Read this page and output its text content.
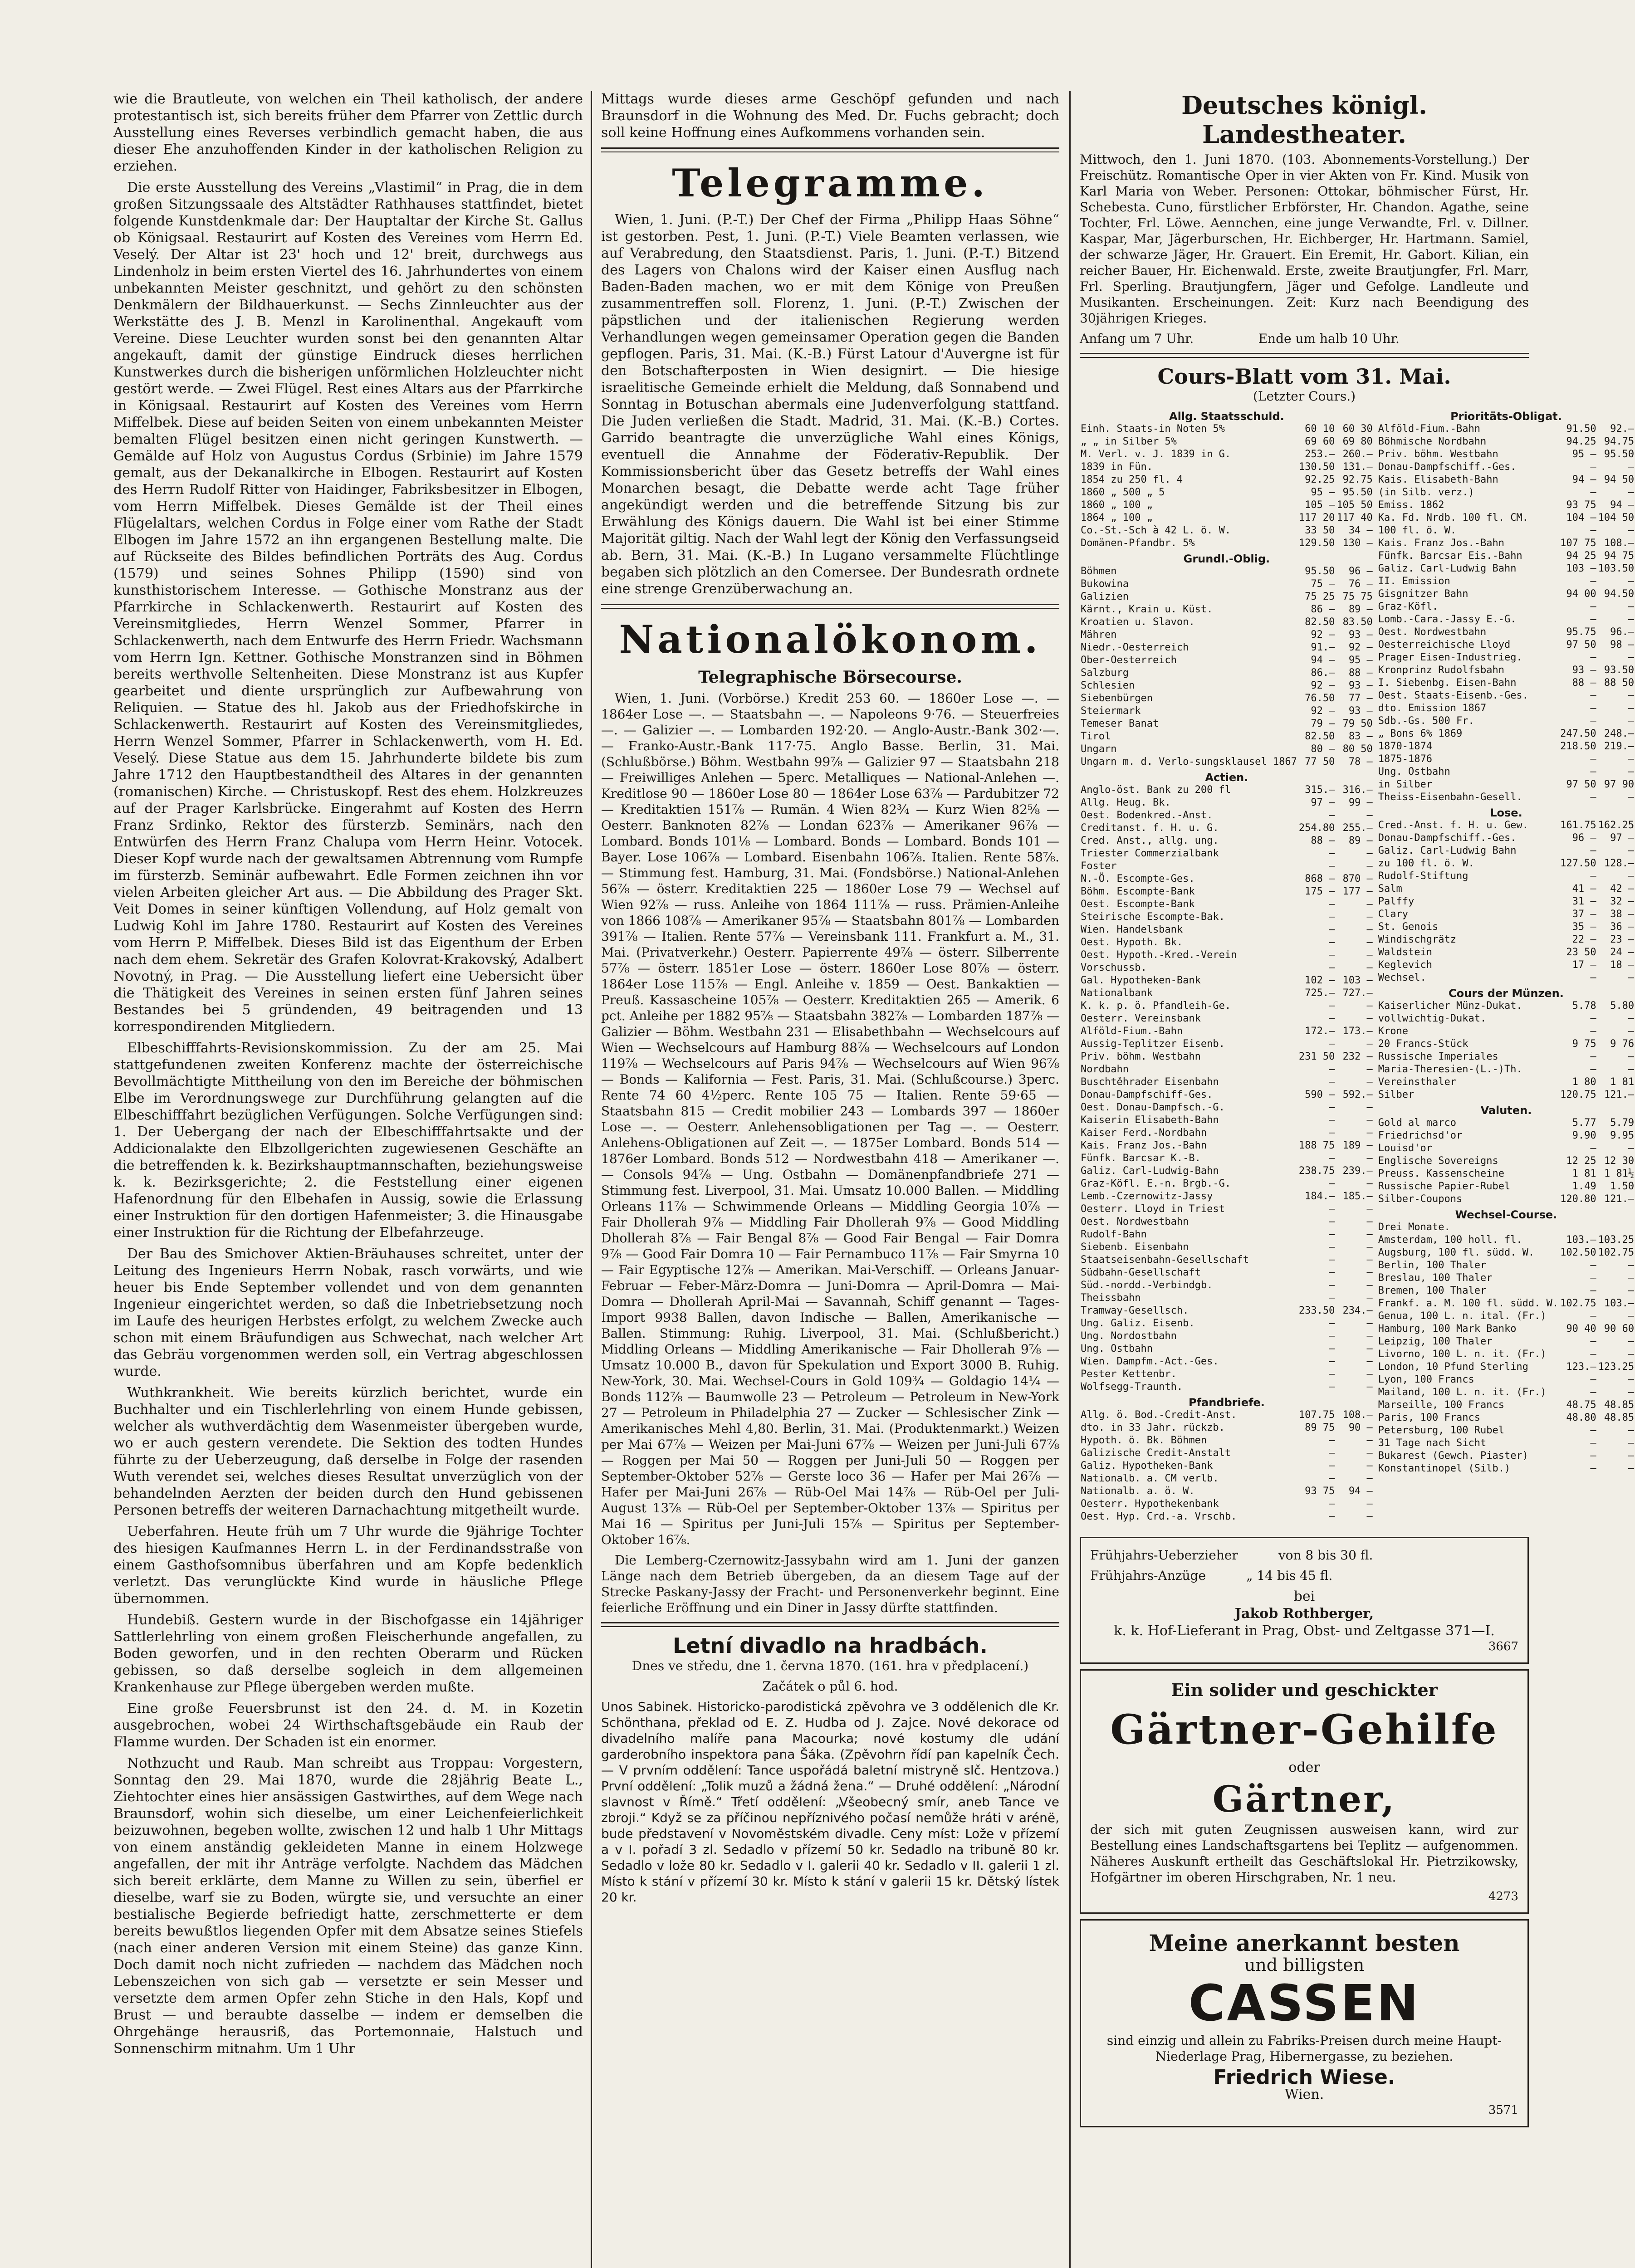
wie die Brautleute, von welchen ein Theil katholisch, der andere protestantisch ist, sich bereits früher dem Pfarrer von Zettlic durch Ausstellung eines Reverses verbindlich gemacht haben, die aus dieser Ehe anzuhoffenden Kinder in der katholischen Religion zu erziehen.

Die erste Ausstellung des Vereins „Vlastimil“ in Prag, die in dem großen Sitzungssaale des Altstädter Rathhauses stattfindet, bietet folgende Kunstdenkmale dar: Der Hauptaltar der Kirche St. Gallus ob Königsaal. Restaurirt auf Kosten des Vereines vom Herrn Ed. Veselý. Der Altar ist 23' hoch und 12' breit, durchwegs aus Lindenholz in beim ersten Viertel des 16. Jahrhundertes von einem unbekannten Meister geschnitzt, und gehört zu den schönsten Denkmälern der Bildhauerkunst. — Sechs Zinnleuchter aus der Werkstätte des J. B. Menzl in Karolinenthal. Angekauft vom Vereine. Diese Leuchter wurden sonst bei den genannten Altar angekauft, damit der günstige Eindruck dieses herrlichen Kunstwerkes durch die bisherigen unförmlichen Holzleuchter nicht gestört werde. — Zwei Flügel. Rest eines Altars aus der Pfarrkirche in Königsaal. Restaurirt auf Kosten des Vereines vom Herrn Miffelbek. Diese auf beiden Seiten von einem unbekannten Meister bemalten Flügel besitzen einen nicht geringen Kunstwerth. — Gemälde auf Holz von Augustus Cordus (Srbinie) im Jahre 1579 gemalt, aus der Dekanalkirche in Elbogen. Restaurirt auf Kosten des Herrn Rudolf Ritter von Haidinger, Fabriksbesitzer in Elbogen, vom Herrn Miffelbek. Dieses Gemälde ist der Theil eines Flügelaltars, welchen Cordus in Folge einer vom Rathe der Stadt Elbogen im Jahre 1572 an ihn ergangenen Bestellung malte. Die auf Rückseite des Bildes befindlichen Porträts des Aug. Cordus (1579) und seines Sohnes Philipp (1590) sind von kunsthistorischem Interesse. — Gothische Monstranz aus der Pfarrkirche in Schlackenwerth. Restaurirt auf Kosten des Vereinsmitgliedes, Herrn Wenzel Sommer, Pfarrer in Schlackenwerth, nach dem Entwurfe des Herrn Friedr. Wachsmann vom Herrn Ign. Kettner. Gothische Monstranzen sind in Böhmen bereits werthvolle Seltenheiten. Diese Monstranz ist aus Kupfer gearbeitet und diente ursprünglich zur Aufbewahrung von Reliquien. — Statue des hl. Jakob aus der Friedhofskirche in Schlackenwerth. Restaurirt auf Kosten des Vereinsmitgliedes, Herrn Wenzel Sommer, Pfarrer in Schlackenwerth, vom H. Ed. Veselý. Diese Statue aus dem 15. Jahrhunderte bildete bis zum Jahre 1712 den Hauptbestandtheil des Altares in der genannten (romanischen) Kirche. — Christuskopf. Rest des ehem. Holzkreuzes auf der Prager Karlsbrücke. Eingerahmt auf Kosten des Herrn Franz Srdinko, Rektor des fürsterzb. Seminärs, nach den Entwürfen des Herrn Franz Chalupa vom Herrn Heinr. Votocek. Dieser Kopf wurde nach der gewaltsamen Abtrennung vom Rumpfe im fürsterzb. Seminär aufbewahrt. Edle Formen zeichnen ihn vor vielen Arbeiten gleicher Art aus. — Die Abbildung des Prager Skt. Veit Domes in seiner künftigen Vollendung, auf Holz gemalt von Ludwig Kohl im Jahre 1780. Restaurirt auf Kosten des Vereines vom Herrn P. Miffelbek. Dieses Bild ist das Eigenthum der Erben nach dem ehem. Sekretär des Grafen Kolovrat-Krakovský, Adalbert Novotný, in Prag. — Die Ausstellung liefert eine Uebersicht über die Thätigkeit des Vereines in seinen ersten fünf Jahren seines Bestandes bei 5 gründenden, 49 beitragenden und 13 korrespondirenden Mitgliedern.

Elbeschifffahrts-Revisionskommission. Zu der am 25. Mai stattgefundenen zweiten Konferenz machte der österreichische Bevollmächtigte Mittheilung von den im Bereiche der böhmischen Elbe im Verordnungswege zur Durchführung gelangten auf die Elbeschifffahrt bezüglichen Verfügungen. Solche Verfügungen sind: 1. Der Uebergang der nach der Elbeschifffahrtsakte und der Addicionalakte den Elbzollgerichten zugewiesenen Geschäfte an die betreffenden k. k. Bezirkshauptmannschaften, beziehungsweise k. k. Bezirksgerichte; 2. die Feststellung einer eigenen Hafenordnung für den Elbehafen in Aussig, sowie die Erlassung einer Instruktion für den dortigen Hafenmeister; 3. die Hinausgabe einer Instruktion für die Richtung der Elbefahrzeuge.

Der Bau des Smichover Aktien-Bräuhauses schreitet, unter der Leitung des Ingenieurs Herrn Nobak, rasch vorwärts, und wie heuer bis Ende September vollendet und von dem genannten Ingenieur eingerichtet werden, so daß die Inbetriebsetzung noch im Laufe des heurigen Herbstes erfolgt, zu welchem Zwecke auch schon mit einem Bräufundigen aus Schwechat, nach welcher Art das Gebräu vorgenommen werden soll, ein Vertrag abgeschlossen wurde.

Wuthkrankheit. Wie bereits kürzlich berichtet, wurde ein Buchhalter und ein Tischlerlehrling von einem Hunde gebissen, welcher als wuthverdächtig dem Wasenmeister übergeben wurde, wo er auch gestern verendete. Die Sektion des todten Hundes führte zu der Ueberzeugung, daß derselbe in Folge der rasenden Wuth verendet sei, welches dieses Resultat unverzüglich von der behandelnden Aerzten der beiden durch den Hund gebissenen Personen betreffs der weiteren Darnachachtung mitgetheilt wurde.

Ueberfahren. Heute früh um 7 Uhr wurde die 9jährige Tochter des hiesigen Kaufmannes Herrn L. in der Ferdinandsstraße von einem Gasthofsomnibus überfahren und am Kopfe bedenklich verletzt. Das verunglückte Kind wurde in häusliche Pflege übernommen.

Hundebiß. Gestern wurde in der Bischofgasse ein 14jähriger Sattlerlehrling von einem großen Fleischerhunde angefallen, zu Boden geworfen, und in den rechten Oberarm und Rücken gebissen, so daß derselbe sogleich in dem allgemeinen Krankenhause zur Pflege übergeben werden mußte.

Eine große Feuersbrunst ist den 24. d. M. in Kozetin ausgebrochen, wobei 24 Wirthschaftsgebäude ein Raub der Flamme wurden. Der Schaden ist ein enormer.

Nothzucht und Raub. Man schreibt aus Troppau: Vorgestern, Sonntag den 29. Mai 1870, wurde die 28jährig Beate L., Ziehtochter eines hier ansässigen Gastwirthes, auf dem Wege nach Braunsdorf, wohin sich dieselbe, um einer Leichenfeierlichkeit beizuwohnen, begeben wollte, zwischen 12 und halb 1 Uhr Mittags von einem anständig gekleideten Manne in einem Holzwege angefallen, der mit ihr Anträge verfolgte. Nachdem das Mädchen sich bereit erklärte, dem Manne zu Willen zu sein, überfiel er dieselbe, warf sie zu Boden, würgte sie, und versuchte an einer bestialische Begierde befriedigt hatte, zerschmetterte er dem bereits bewußtlos liegenden Opfer mit dem Absatze seines Stiefels (nach einer anderen Version mit einem Steine) das ganze Kinn. Doch damit noch nicht zufrieden — nachdem das Mädchen noch Lebenszeichen von sich gab — versetzte er sein Messer und versetzte dem armen Opfer zehn Stiche in den Hals, Kopf und Brust — und beraubte dasselbe — indem er demselben die Ohrgehänge herausriß, das Portemonnaie, Halstuch und Sonnenschirm mitnahm. Um 1 Uhr

Mittags wurde dieses arme Geschöpf gefunden und nach Braunsdorf in die Wohnung des Med. Dr. Fuchs gebracht; doch soll keine Hoffnung eines Aufkommens vorhanden sein.

Telegramme.

Wien, 1. Juni. (P.-T.) Der Chef der Firma „Philipp Haas Söhne“ ist gestorben. Pest, 1. Juni. (P.-T.) Viele Beamten verlassen, wie auf Verabredung, den Staatsdienst. Paris, 1. Juni. (P.-T.) Bitzend des Lagers von Chalons wird der Kaiser einen Ausflug nach Baden-Baden machen, wo er mit dem Könige von Preußen zusammentreffen soll. Florenz, 1. Juni. (P.-T.) Zwischen der päpstlichen und der italienischen Regierung werden Verhandlungen wegen gemeinsamer Operation gegen die Banden gepflogen. Paris, 31. Mai. (K.-B.) Fürst Latour d'Auvergne ist für den Botschafterposten in Wien designirt. — Die hiesige israelitische Gemeinde erhielt die Meldung, daß Sonnabend und Sonntag in Botuschan abermals eine Judenverfolgung stattfand. Die Juden verließen die Stadt. Madrid, 31. Mai. (K.-B.) Cortes. Garrido beantragte die unverzügliche Wahl eines Königs, eventuell die Annahme der Föderativ-Republik. Der Kommissionsbericht über das Gesetz betreffs der Wahl eines Monarchen besagt, die Debatte werde acht Tage früher angekündigt werden und die betreffende Sitzung bis zur Erwählung des Königs dauern. Die Wahl ist bei einer Stimme Majorität giltig. Nach der Wahl legt der König den Verfassungseid ab. Bern, 31. Mai. (K.-B.) In Lugano versammelte Flüchtlinge begaben sich plötzlich an den Comersee. Der Bundesrath ordnete eine strenge Grenzüberwachung an.

Nationalökonom.
Telegraphische Börsecourse.

Wien, 1. Juni. (Vorbörse.) Kredit 253 60. — 1860er Lose —. — 1864er Lose —. — Staatsbahn —. — Napoleons 9·76. — Steuerfreies —. — Galizier —. — Lombarden 192·20. — Anglo-Austr.-Bank 302·—. — Franko-Austr.-Bank 117·75. Anglo Basse. Berlin, 31. Mai. (Schlußbörse.) Böhm. Westbahn 99⅞ — Galizier 97 — Staatsbahn 218 — Freiwilliges Anlehen — 5perc. Metalliques — National-Anlehen —. Kreditlose 90 — 1860er Lose 80 — 1864er Lose 63⅞ — Pardubitzer 72 — Kreditaktien 151⅞ — Rumän. 4 Wien 82¾ — Kurz Wien 82⅝ — Oesterr. Banknoten 82⅞ — Londan 623⅞ — Amerikaner 96⅞ — Lombard. Bonds 101⅛ — Lombard. Bonds — Lombard. Bonds 101 — Bayer. Lose 106⅞ — Lombard. Eisenbahn 106⅞. Italien. Rente 58⅞. — Stimmung fest. Hamburg, 31. Mai. (Fondsbörse.) National-Anlehen 56⅞ — österr. Kreditaktien 225 — 1860er Lose 79 — Wechsel auf Wien 92⅞ — russ. Anleihe von 1864 111⅞ — russ. Prämien-Anleihe von 1866 108⅞ — Amerikaner 95⅞ — Staatsbahn 801⅞ — Lombarden 391⅞ — Italien. Rente 57⅞ — Vereinsbank 111. Frankfurt a. M., 31. Mai. (Privatverkehr.) Oesterr. Papierrente 49⅞ — österr. Silberrente 57⅞ — österr. 1851er Lose — österr. 1860er Lose 80⅞ — österr. 1864er Lose 115⅞ — Engl. Anleihe v. 1859 — Oest. Bankaktien — Preuß. Kassascheine 105⅞ — Oesterr. Kreditaktien 265 — Amerik. 6 pct. Anleihe per 1882 95⅞ — Staatsbahn 382⅞ — Lombarden 187⅞ — Galizier — Böhm. Westbahn 231 — Elisabethbahn — Wechselcours auf Wien — Wechselcours auf Hamburg 88⅞ — Wechselcours auf London 119⅞ — Wechselcours auf Paris 94⅞ — Wechselcours auf Wien 96⅞ — Bonds — Kalifornia — Fest. Paris, 31. Mai. (Schlußcourse.) 3perc. Rente 74 60 4½perc. Rente 105 75 — Italien. Rente 59·65 — Staatsbahn 815 — Credit mobilier 243 — Lombards 397 — 1860er Lose —. — Oesterr. Anlehensobligationen per Tag —. — Oesterr. Anlehens-Obligationen auf Zeit —. — 1875er Lombard. Bonds 514 — 1876er Lombard. Bonds 512 — Nordwestbahn 418 — Amerikaner —. — Consols 94⅞ — Ung. Ostbahn — Domänenpfandbriefe 271 — Stimmung fest. Liverpool, 31. Mai. Umsatz 10.000 Ballen. — Middling Orleans 11⅞ — Schwimmende Orleans — Middling Georgia 10⅞ — Fair Dhollerah 9⅞ — Middling Fair Dhollerah 9⅞ — Good Middling Dhollerah 8⅞ — Fair Bengal 8⅞ — Good Fair Bengal — Fair Domra 9⅞ — Good Fair Domra 10 — Fair Pernambuco 11⅞ — Fair Smyrna 10 — Fair Egyptische 12⅞ — Amerikan. Mai-Verschiff. — Orleans Januar-Februar — Feber-März-Domra — Juni-Domra — April-Domra — Mai-Domra — Dhollerah April-Mai — Savannah, Schiff genannt — Tages-Import 9938 Ballen, davon Indische — Ballen, Amerikanische — Ballen. Stimmung: Ruhig. Liverpool, 31. Mai. (Schlußbericht.) Middling Orleans — Middling Amerikanische — Fair Dhollerah 9⅞ — Umsatz 10.000 B., davon für Spekulation und Export 3000 B. Ruhig. New-York, 30. Mai. Wechsel-Cours in Gold 109¾ — Goldagio 14¼ — Bonds 112⅞ — Baumwolle 23 — Petroleum — Petroleum in New-York 27 — Petroleum in Philadelphia 27 — Zucker — Schlesischer Zink — Amerikanisches Mehl 4,80. Berlin, 31. Mai. (Produktenmarkt.) Weizen per Mai 67⅞ — Weizen per Mai-Juni 67⅞ — Weizen per Juni-Juli 67⅞ — Roggen per Mai 50 — Roggen per Juni-Juli 50 — Roggen per September-Oktober 52⅞ — Gerste loco 36 — Hafer per Mai 26⅞ — Hafer per Mai-Juni 26⅞ — Rüb-Oel Mai 14⅞ — Rüb-Oel per Juli-August 13⅞ — Rüb-Oel per September-Oktober 13⅞ — Spiritus per Mai 16 — Spiritus per Juni-Juli 15⅞ — Spiritus per September-Oktober 16⅞.

Die Lemberg-Czernowitz-Jassybahn wird am 1. Juni der ganzen Länge nach dem Betrieb übergeben, da an diesem Tage auf der Strecke Paskany-Jassy der Fracht- und Personenverkehr beginnt. Eine feierliche Eröffnung und ein Diner in Jassy dürfte stattfinden.

Letní divadlo na hradbách.

Dnes ve středu, dne 1. června 1870. (161. hra v předplacení.)

Začátek o půl 6. hod.

Unos Sabinek. Historicko-parodistická zpěvohra ve 3 oddělenich dle Kr. Schönthana, překlad od E. Z. Hudba od J. Zajce. Nové dekorace od divadelního malíře pana Macourka; nové kostumy dle udání garderobního inspektora pana Šáka. (Zpěvohrn řídí pan kapelník Čech. — V prvním oddělení: Tance uspořádá baletní mistryně slč. Hentzova.) První oddělení: „Tolik muzů a žádná žena.“ — Druhé oddělení: „Národní slavnost v Římě.“ Třetí oddělení: „Všeobecný smír, aneb Tance ve zbroji.“ Když se za příčinou nepříznivého počasí nemůže hráti v arénë, bude představení v Novoměstském divadle. Ceny míst: Lože v přízemí a v I. pořadí 3 zl. Sedadlo v přízemí 50 kr. Sedadlo na tribuně 80 kr. Sedadlo v lože 80 kr. Sedadlo v I. galerii 40 kr. Sedadlo v II. galerii 1 zl. Místo k stání v přízemí 30 kr. Místo k stání v galerii 15 kr. Dětský lístek 20 kr.

Deutsches königl. Landestheater.

Mittwoch, den 1. Juni 1870. (103. Abonnements-Vorstellung.) Der Freischütz. Romantische Oper in vier Akten von Fr. Kind. Musik von Karl Maria von Weber. Personen: Ottokar, böhmischer Fürst, Hr. Schebesta. Cuno, fürstlicher Erbförster, Hr. Chandon. Agathe, seine Tochter, Frl. Löwe. Aennchen, eine junge Verwandte, Frl. v. Dillner. Kaspar, Mar, Jägerburschen, Hr. Eichberger, Hr. Hartmann. Samiel, der schwarze Jäger, Hr. Grauert. Ein Eremit, Hr. Gabort. Kilian, ein reicher Bauer, Hr. Eichenwald. Erste, zweite Brautjungfer, Frl. Marr, Frl. Sperling. Brautjungfern, Jäger und Gefolge. Landleute und Musikanten. Erscheinungen. Zeit: Kurz nach Beendigung des 30jährigen Krieges.

Anfang um 7 Uhr.                Ende um halb 10 Uhr.

Cours-Blatt vom 31. Mai.
(Letzter Cours.)
Allg. Staatsschuld.		
Einh. Staats-in Noten 5%	60 10	60 30
„ „ in Silber 5%	69 60	69 80
M. Verl. v. J. 1839 in G.	253.—	260.—
1839 in Fün.	130.50	131.—
1854 zu 250 fl. 4	92.25	92.75
1860 „ 500 „ 5	95 —	95.50
1860 „ 100 „	105 —	105 50
1864 „ 100 „	117 20	117 40
Co.-St.-Sch à 42 L. ö. W.	33 50	34 —
Domänen-Pfandbr. 5%	129.50	130 —
Grundl.-Oblig.		
Böhmen	95.50	96 —
Bukowina	75 —	76 —
Galizien	75 25	75 75
Kärnt., Krain u. Küst.	86 —	89 —
Kroatien u. Slavon.	82.50	83.50
Mähren	92 —	93 —
Niedr.-Oesterreich	91.—	92 —
Ober-Oesterreich	94 —	95 —
Salzburg	86.—	88 —
Schlesien	92 —	93 —
Siebenbürgen	76.50	77 —
Steiermark	92 —	93 —
Temeser Banat	79 —	79 50
Tirol	82.50	83 —
Ungarn	80 —	80 50
Ungarn m. d. Verlo-sungsklausel 1867	77 50	78 —
Actien.		
Anglo-öst. Bank zu 200 fl	315.—	316.—
Allg. Heug. Bk.	97 —	99 —
Oest. Bodenkred.-Anst.	—	—
Creditanst. f. H. u. G.	254.80	255.—
Cred. Anst., allg. ung.	88 —	89 —
Triester Commerzialbank	—	—
Foster	—	—
N.-Ö. Escompte-Ges.	868 —	870 —
Böhm. Escompte-Bank	175 —	177 —
Oest. Escompte-Bank	—	—
Steirische Escompte-Bak.	—	—
Wien. Handelsbank	—	—
Oest. Hypoth. Bk.	—	—
Oest. Hypoth.-Kred.-Verein	—	—
Vorschussb.	—	—
Gal. Hypotheken-Bank	102 —	103 —
Nationalbank	725.—	727.—
K. k. p. ö. Pfandleih-Ge.	—	—
Oesterr. Vereinsbank	—	—
Alföld-Fium.-Bahn	172.—	173.—
Aussig-Teplitzer Eisenb.	—	—
Priv. böhm. Westbahn	231 50	232 —
Nordbahn	—	—
Buschtěhrader Eisenbahn	—	—
Donau-Dampfschiff-Ges.	590 —	592.—
Oest. Donau-Dampfsch.-G.	—	—
Kaiserin Elisabeth-Bahn	—	—
Kaiser Ferd.-Nordbahn	—	—
Kais. Franz Jos.-Bahn	188 75	189 —
Fünfk. Barcsar K.-B.	—	—
Galiz. Carl-Ludwig-Bahn	238.75	239.—
Graz-Köfl. E.-n. Brgb.-G.	—	—
Lemb.-Czernowitz-Jassy	184.—	185.—
Oesterr. Lloyd in Triest	—	—
Oest. Nordwestbahn	—	—
Rudolf-Bahn	—	—
Siebenb. Eisenbahn	—	—
Staatseisenbahn-Gesellschaft	—	—
Südbahn-Gesellschaft	—	—
Süd.-nordd.-Verbindgb.	—	—
Theissbahn	—	—
Tramway-Gesellsch.	233.50	234.—
Ung. Galiz. Eisenb.	—	—
Ung. Nordostbahn	—	—
Ung. Ostbahn	—	—
Wien. Dampfm.-Act.-Ges.	—	—
Pester Kettenbr.	—	—
Wolfsegg-Traunth.	—	—
Pfandbriefe.		
Allg. ö. Bod.-Credit-Anst.	107.75	108.—
dto. in 33 Jahr. rückzb.	89 75	90 —
Hypoth. ö. Bk. Böhmen	—	—
Galizische Credit-Anstalt	—	—
Galiz. Hypotheken-Bank	—	—
Nationalb. a. CM verlb.	—	—
Nationalb. a. ö. W.	93 75	94 —
Oesterr. Hypothekenbank	—	—
Oest. Hyp. Crd.-a. Vrschb.	—	—
Prioritäts-Obligat.		
Alföld-Fium.-Bahn	91.50	92.—
Böhmische Nordbahn	94.25	94.75
Priv. böhm. Westbahn	95 —	95.50
Donau-Dampfschiff.-Ges.	—	—
Kais. Elisabeth-Bahn	94 —	94 50
(in Silb. verz.)	—	—
Emiss. 1862	93 75	94 —
Ka. Fd. Nrdb. 100 fl. CM.	104 —	104 50
100 fl. ö. W.	—	—
Kais. Franz Jos.-Bahn	107 75	108.—
Fünfk. Barcsar Eis.-Bahn	94 25	94 75
Galiz. Carl-Ludwig Bahn	103 —	103.50
II. Emission	—	—
Gisgnitzer Bahn	94 00	94.50
Graz-Köfl.	—	—
Lomb.-Cara.-Jassy E.-G.	—	—
Oest. Nordwestbahn	95.75	96.—
Oesterreichische Lloyd	97 50	98 —
Prager Eisen-Industrieg.	—	—
Kronprinz Rudolfsbahn	93 —	93.50
I. Siebenbg. Eisen-Bahn	88 —	88 50
Oest. Staats-Eisenb.-Ges.	—	—
dto. Emission 1867	—	—
Sdb.-Gs. 500 Fr.	—	—
„ Bons 6% 1869	247.50	248.—
1870-1874	218.50	219.—
1875-1876	—	—
Ung. Ostbahn	—	—
in Silber	97 50	97 90
Theiss-Eisenbahn-Gesell.	—	—
Lose.		
Cred.-Anst. f. H. u. Gew.	161.75	162.25
Donau-Dampfschiff.-Ges.	96 —	97 —
Galiz. Carl-Ludwig Bahn	—	—
zu 100 fl. ö. W.	127.50	128.—
Rudolf-Stiftung	—	—
Salm	41 —	42 —
Palffy	31 —	32 —
Clary	37 —	38 —
St. Genois	35 —	36 —
Windischgrätz	22 —	23 —
Waldstein	23 50	24 —
Keglevich	17 —	18 —
Wechsel.	—	—
Cours der Münzen.		
Kaiserlicher Münz-Dukat.	5.78	5.80
vollwichtig-Dukat.	—	—
Krone	—	—
20 Francs-Stück	9 75	9 76
Russische Imperiales	—	—
Maria-Theresien-(L.-)Th.	—	—
Vereinsthaler	1 80	1 81
Silber	120.75	121.—
Valuten.		
Gold al marco	5.77	5.79
Friedrichsd'or	9.90	9.95
Louisd'or	—	—
Englische Sovereigns	12 25	12 30
Preuss. Kassenscheine	1 81	1 81½
Russische Papier-Rubel	1.49	1.50
Silber-Coupons	120.80	121.—
Wechsel-Course.		
Drei Monate.		
Amsterdam, 100 holl. fl.	103.—	103.25
Augsburg, 100 fl. südd. W.	102.50	102.75
Berlin, 100 Thaler	—	—
Breslau, 100 Thaler	—	—
Bremen, 100 Thaler	—	—
Frankf. a. M. 100 fl. südd. W.	102.75	103.—
Genua, 100 L. n. ital. (Fr.)	—	—
Hamburg, 100 Mark Banko	90 40	90 60
Leipzig, 100 Thaler	—	—
Livorno, 100 L. n. it. (Fr.)	—	—
London, 10 Pfund Sterling	123.—	123.25
Lyon, 100 Francs	—	—
Mailand, 100 L. n. it. (Fr.)	—	—
Marseille, 100 Francs	48.75	48.85
Paris, 100 Francs	48.80	48.85
Petersburg, 100 Rubel	—	—
31 Tage nach Sicht	—	—
Bukarest (Gewch. Piaster)	—	—
Konstantinopel (Silb.)	—	—

Frühjahrs-Ueberzieher          von 8 bis 30 fl.

Frühjahrs-Anzüge          „ 14 bis 45 fl.

bei
Jakob Rothberger,
k. k. Hof-Lieferant in Prag, Obst- und Zeltgasse 371—I.
3667
Ein solider und geschickter
Gärtner-Gehilfe
oder
Gärtner,

der sich mit guten Zeugnissen ausweisen kann, wird zur Bestellung eines Landschaftsgartens bei Teplitz — aufgenommen. Näheres Auskunft ertheilt das Geschäftslokal Hr. Pietrzikowsky, Hofgärtner im oberen Hirschgraben, Nr. 1 neu.

4273
Meine anerkannt besten
und billigsten
CASSEN

sind einzig und allein zu Fabriks-Preisen durch meine Haupt-Niederlage Prag, Hibernergasse, zu beziehen.

Friedrich Wiese.
Wien.
3571
